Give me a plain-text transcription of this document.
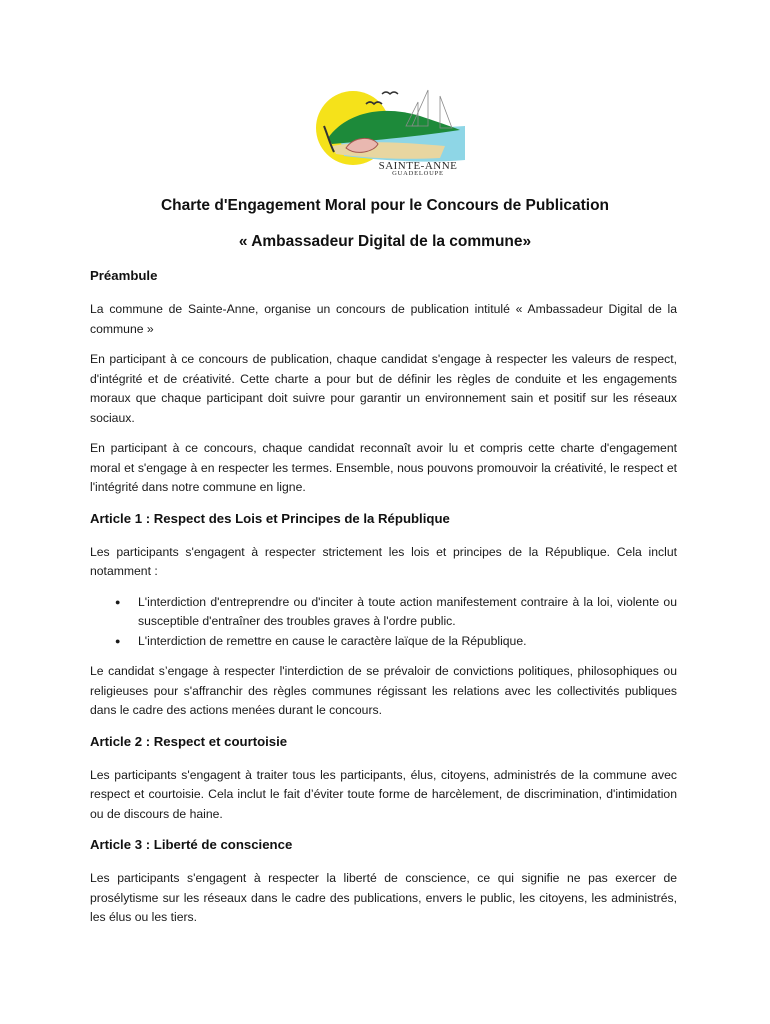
SAINTE-ANNE
GUADELOUPE
Charte d'Engagement Moral pour le Concours de Publication
« Ambassadeur Digital de la commune»
Préambule

La commune de Sainte-Anne, organise un concours de publication intitulé « Ambassadeur Digital de la commune »

En participant à ce concours de publication, chaque candidat s'engage à respecter les valeurs de respect, d'intégrité et de créativité. Cette charte a pour but de définir les règles de conduite et les engagements moraux que chaque participant doit suivre pour garantir un environnement sain et positif sur les réseaux sociaux.

En participant à ce concours, chaque candidat reconnaît avoir lu et compris cette charte d'engagement moral et s'engage à en respecter les termes. Ensemble, nous pouvons promouvoir la créativité, le respect et l'intégrité dans notre commune en ligne.

Article 1 : Respect des Lois et Principes de la République

Les participants s'engagent à respecter strictement les lois et principes de la République. Cela inclut notamment :

● L'interdiction d'entreprendre ou d'inciter à toute action manifestement contraire à la loi, violente ou susceptible d'entraîner des troubles graves à l'ordre public.
● L'interdiction de remettre en cause le caractère laïque de la République.

Le candidat s’engage à respecter l'interdiction de se prévaloir de convictions politiques, philosophiques ou religieuses pour s'affranchir des règles communes régissant les relations avec les collectivités publiques dans le cadre des actions menées durant le concours.

Article 2 : Respect et courtoisie

Les participants s'engagent à traiter tous les participants, élus, citoyens, administrés de la commune avec respect et courtoisie. Cela inclut le fait d’éviter toute forme de harcèlement, de discrimination, d'intimidation ou de discours de haine.

Article 3 : Liberté de conscience

Les participants s'engagent à respecter la liberté de conscience, ce qui signifie ne pas exercer de prosélytisme sur les réseaux dans le cadre des publications, envers le public, les citoyens, les administrés, les élus ou les tiers.
